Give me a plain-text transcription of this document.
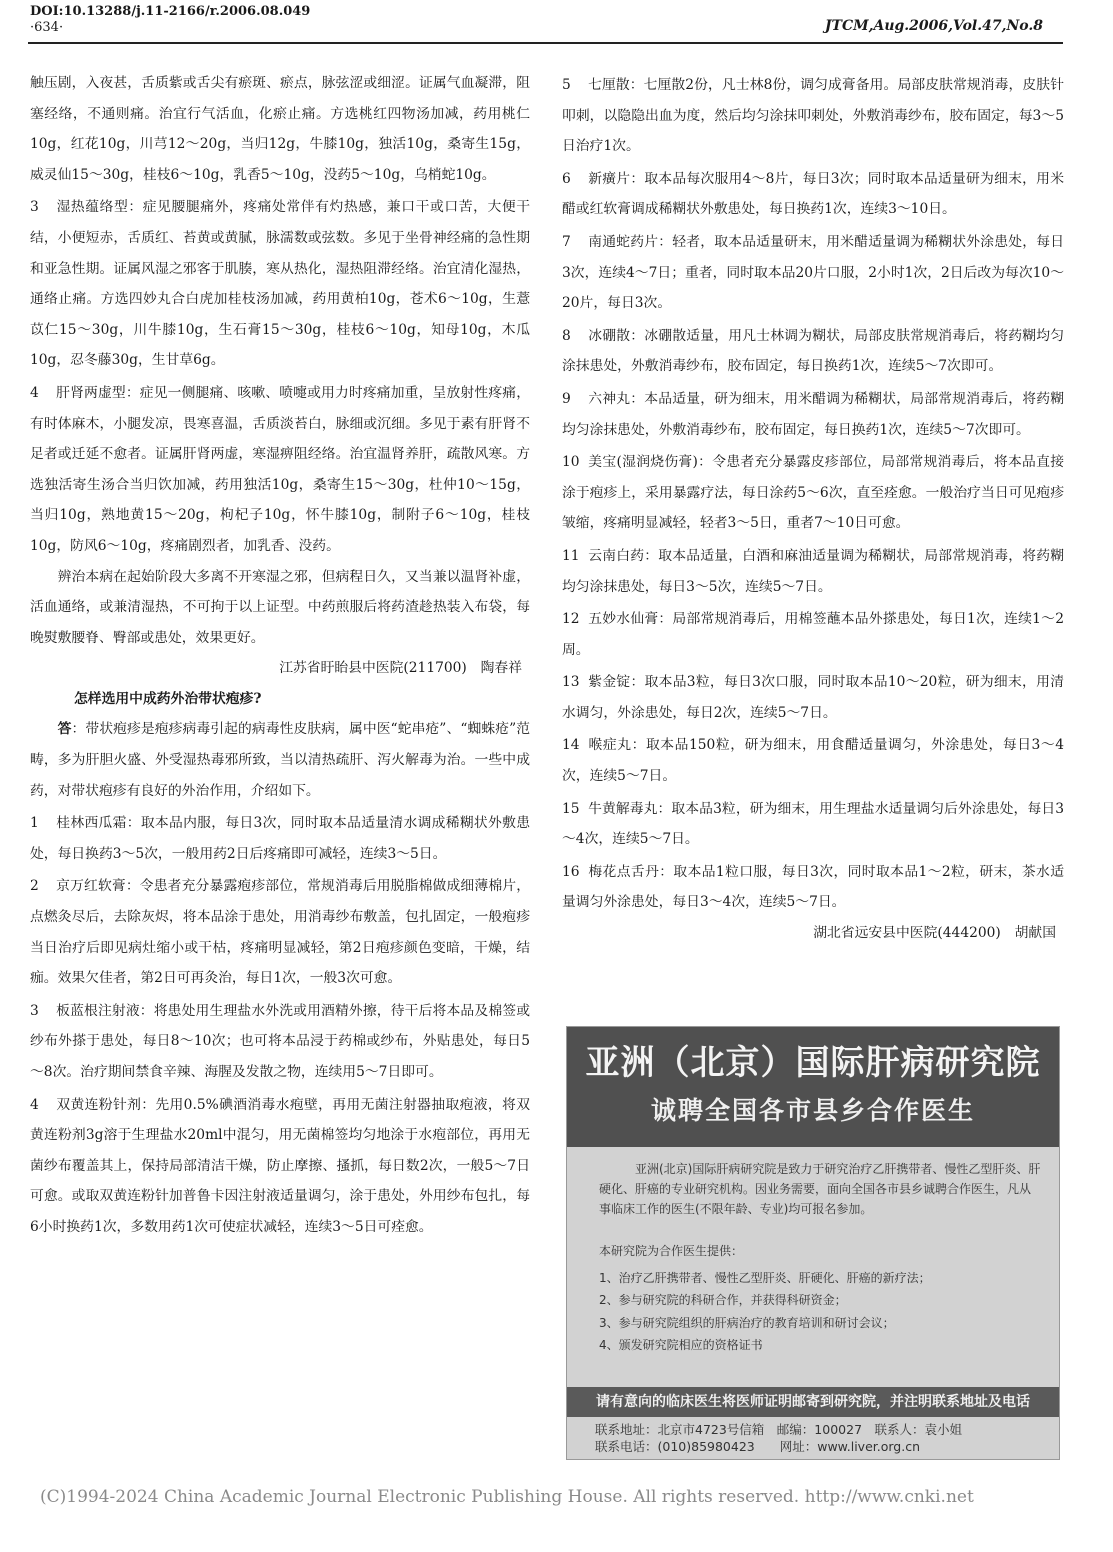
DOI:10.13288/j.11-2166/r.2006.08.049
·634·	JTCM,Aug.2006,Vol.47,No.8

触压剧，入夜甚，舌质紫或舌尖有瘀斑、瘀点，脉弦涩或细涩。证属气血凝滞，阻塞经络，不通则痛。治宜行气活血，化瘀止痛。方选桃红四物汤加减，药用桃仁10g，红花10g，川芎12～20g，当归12g，牛膝10g，独活10g，桑寄生15g，威灵仙15～30g，桂枝6～10g，乳香5～10g，没药5～10g，乌梢蛇10g。

3 湿热蕴络型：症见腰腿痛外，疼痛处常伴有灼热感，兼口干或口苦，大便干结，小便短赤，舌质红、苔黄或黄腻，脉濡数或弦数。多见于坐骨神经痛的急性期和亚急性期。证属风湿之邪客于肌腠，寒从热化，湿热阻滞经络。治宜清化湿热，通络止痛。方选四妙丸合白虎加桂枝汤加减，药用黄柏10g，苍术6～10g，生薏苡仁15～30g，川牛膝10g，生石膏15～30g，桂枝6～10g，知母10g，木瓜10g，忍冬藤30g，生甘草6g。

4 肝肾两虚型：症见一侧腿痛、咳嗽、喷嚏或用力时疼痛加重，呈放射性疼痛，有时体麻木，小腿发凉，畏寒喜温，舌质淡苔白，脉细或沉细。多见于素有肝肾不足者或迁延不愈者。证属肝肾两虚，寒湿痹阻经络。治宜温肾养肝，疏散风寒。方选独活寄生汤合当归饮加减，药用独活10g，桑寄生15～30g，杜仲10～15g，当归10g，熟地黄15～20g，枸杞子10g，怀牛膝10g，制附子6～10g，桂枝10g，防风6～10g，疼痛剧烈者，加乳香、没药。

辨治本病在起始阶段大多离不开寒湿之邪，但病程日久，又当兼以温肾补虚，活血通络，或兼清湿热，不可拘于以上证型。中药煎服后将药渣趁热装入布袋，每晚熨敷腰脊、臀部或患处，效果更好。

江苏省盱眙县中医院(211700)　陶春祥

怎样选用中成药外治带状疱疹?

答：带状疱疹是疱疹病毒引起的病毒性皮肤病，属中医“蛇串疮”、“蜘蛛疮”范畴，多为肝胆火盛、外受湿热毒邪所致，当以清热疏肝、泻火解毒为治。一些中成药，对带状疱疹有良好的外治作用，介绍如下。

1 桂林西瓜霜：取本品内服，每日3次，同时取本品适量清水调成稀糊状外敷患处，每日换药3～5次，一般用药2日后疼痛即可减轻，连续3～5日。

2 京万红软膏：令患者充分暴露疱疹部位，常规消毒后用脱脂棉做成细薄棉片，点燃灸尽后，去除灰烬，将本品涂于患处，用消毒纱布敷盖，包扎固定，一般疱疹当日治疗后即见病灶缩小或干枯，疼痛明显减轻，第2日疱疹颜色变暗，干燥，结痂。效果欠佳者，第2日可再灸治，每日1次，一般3次可愈。

3 板蓝根注射液：将患处用生理盐水外洗或用酒精外擦，待干后将本品及棉签或纱布外搽于患处，每日8～10次；也可将本品浸于药棉或纱布，外贴患处，每日5～8次。治疗期间禁食辛辣、海腥及发散之物，连续用5～7日即可。

4 双黄连粉针剂：先用0.5%碘酒消毒水疱壁，再用无菌注射器抽取疱液，将双黄连粉剂3g溶于生理盐水20ml中混匀，用无菌棉签均匀地涂于水疱部位，再用无菌纱布覆盖其上，保持局部清洁干燥，防止摩擦、搔抓，每日数2次，一般5～7日可愈。或取双黄连粉针加普鲁卡因注射液适量调匀，涂于患处，外用纱布包扎，每6小时换药1次，多数用药1次可使症状减轻，连续3～5日可痊愈。

5 七厘散：七厘散2份，凡士林8份，调匀成膏备用。局部皮肤常规消毒，皮肤针叩刺，以隐隐出血为度，然后均匀涂抹叩刺处，外敷消毒纱布，胶布固定，每3～5日治疗1次。

6 新癀片：取本品每次服用4～8片，每日3次；同时取本品适量研为细末，用米醋或红软膏调成稀糊状外敷患处，每日换药1次，连续3～10日。

7 南通蛇药片：轻者，取本品适量研末，用米醋适量调为稀糊状外涂患处，每日3次，连续4～7日；重者，同时取本品20片口服，2小时1次，2日后改为每次10～20片，每日3次。

8 冰硼散：冰硼散适量，用凡士林调为糊状，局部皮肤常规消毒后，将药糊均匀涂抹患处，外敷消毒纱布，胶布固定，每日换药1次，连续5～7次即可。

9 六神丸：本品适量，研为细末，用米醋调为稀糊状，局部常规消毒后，将药糊均匀涂抹患处，外敷消毒纱布，胶布固定，每日换药1次，连续5～7次即可。

10 美宝(湿润烧伤膏)：令患者充分暴露皮疹部位，局部常规消毒后，将本品直接涂于疱疹上，采用暴露疗法，每日涂药5～6次，直至痊愈。一般治疗当日可见疱疹皱缩，疼痛明显减轻，轻者3～5日，重者7～10日可愈。

11 云南白药：取本品适量，白酒和麻油适量调为稀糊状，局部常规消毒，将药糊均匀涂抹患处，每日3～5次，连续5～7日。

12 五妙水仙膏：局部常规消毒后，用棉签蘸本品外搽患处，每日1次，连续1～2周。

13 紫金锭：取本品3粒，每日3次口服，同时取本品10～20粒，研为细末，用清水调匀，外涂患处，每日2次，连续5～7日。

14 喉症丸：取本品150粒，研为细末，用食醋适量调匀，外涂患处，每日3～4次，连续5～7日。

15 牛黄解毒丸：取本品3粒，研为细末，用生理盐水适量调匀后外涂患处，每日3～4次，连续5～7日。

16 梅花点舌丹：取本品1粒口服，每日3次，同时取本品1～2粒，研末，茶水适量调匀外涂患处，每日3～4次，连续5～7日。

湖北省远安县中医院(444200)　胡献国

亚洲（北京）国际肝病研究院
诚聘全国各市县乡合作医生

亚洲(北京)国际肝病研究院是致力于研究治疗乙肝携带者、慢性乙型肝炎、肝硬化、肝癌的专业研究机构。因业务需要，面向全国各市县乡诚聘合作医生，凡从事临床工作的医生(不限年龄、专业)均可报名参加。

本研究院为合作医生提供：

1、治疗乙肝携带者、慢性乙型肝炎、肝硬化、肝癌的新疗法；
2、参与研究院的科研合作，并获得科研资金；
3、参与研究院组织的肝病治疗的教育培训和研讨会议；
4、颁发研究院相应的资格证书
请有意向的临床医生将医师证明邮寄到研究院，并注明联系地址及电话
联系地址：北京市4723号信箱　邮编：100027　联系人：袁小姐
联系电话：(010)85980423　　网址：www.liver.org.cn
(C)1994-2024 China Academic Journal Electronic Publishing House. All rights reserved. http://www.cnki.net
